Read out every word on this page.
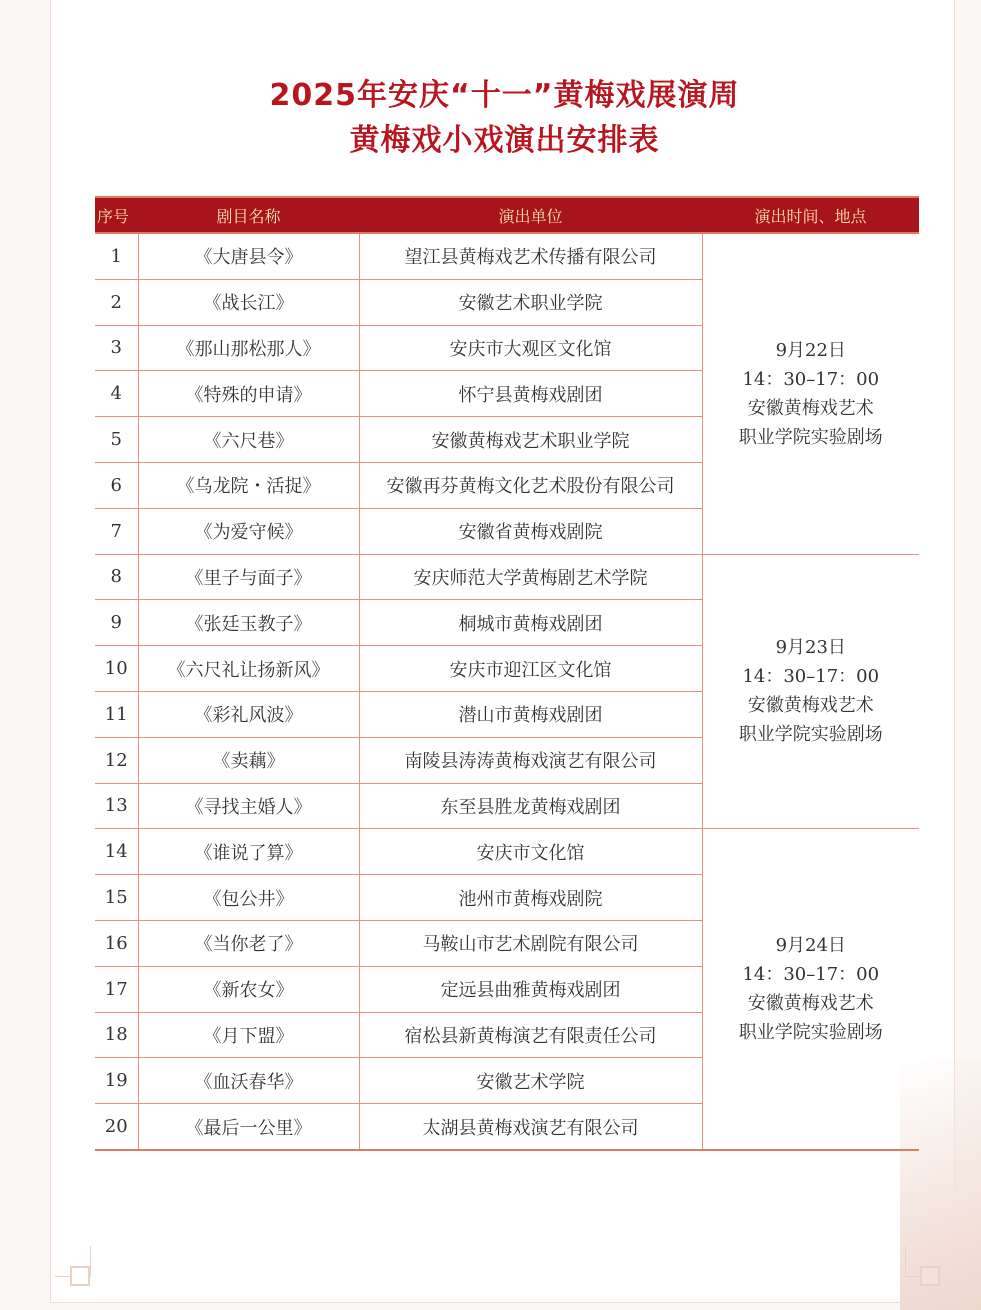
2025年安庆“十一”黄梅戏展演周
黄梅戏小戏演出安排表
序号	剧目名称	演出单位	演出时间、地点
1	《大唐县令》	望江县黄梅戏艺术传播有限公司	9月22日
14：30–17：00
安徽黄梅戏艺术
职业学院实验剧场

2	《战长江》	安徽艺术职业学院	
3	《那山那松那人》	安庆市大观区文化馆	
4	《特殊的申请》	怀宁县黄梅戏剧团	
5	《六尺巷》	安徽黄梅戏艺术职业学院	
6	《乌龙院・活捉》	安徽再芬黄梅文化艺术股份有限公司	
7	《为爱守候》	安徽省黄梅戏剧院	
8	《里子与面子》	安庆师范大学黄梅剧艺术学院	9月23日
14：30–17：00
安徽黄梅戏艺术
职业学院实验剧场

9	《张廷玉教子》	桐城市黄梅戏剧团	
10	《六尺礼让扬新风》	安庆市迎江区文化馆	
11	《彩礼风波》	潜山市黄梅戏剧团	
12	《卖藕》	南陵县涛涛黄梅戏演艺有限公司	
13	《寻找主婚人》	东至县胜龙黄梅戏剧团	
14	《谁说了算》	安庆市文化馆	9月24日
14：30–17：00
安徽黄梅戏艺术
职业学院实验剧场

15	《包公井》	池州市黄梅戏剧院	
16	《当你老了》	马鞍山市艺术剧院有限公司	
17	《新农女》	定远县曲雅黄梅戏剧团	
18	《月下盟》	宿松县新黄梅演艺有限责任公司	
19	《血沃春华》	安徽艺术学院	
20	《最后一公里》	太湖县黄梅戏演艺有限公司	
